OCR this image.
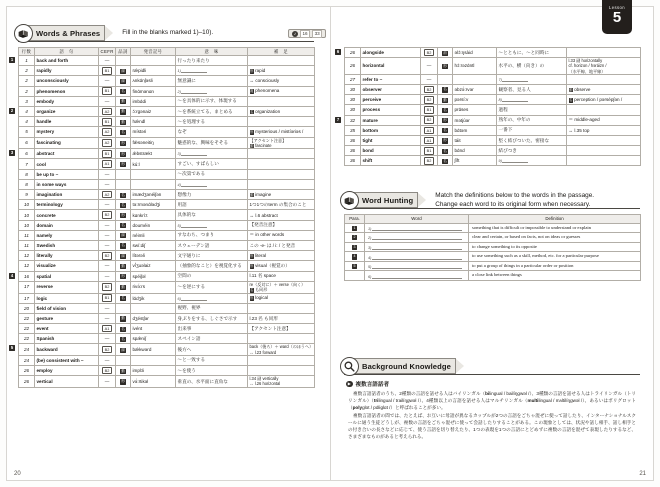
Lesson
5
Words & Phrases	Fill in the blanks marked 1)–10).	♪	16	33
行数	語　句	CEFR	品詞	発音記号	意　味	補　足
1	back and forth	—			行ったり来たり	
2	rapidly	B1	副	rǽpidli	1)	形 rapid
2	unconsciously	—	副	ʌnkɑ́nʃəsli	無意識に	↔ consciously
2	phenomenon	B1	名	finɑ́mənɑn	2)	複 phenomena
3	embody	—	動	imbɑ́di	～を具体的に示す、体現する	
4	organize	A2	動	ɔ́:rgənaiz	～を系統立てる、まとめる	名 organization
4	handle	B1	動	hǽndl	～を処理する	
5	mystery	A2	名	místəri	なぞ	形 mysterious / mistíəriəs /
6	fascinating	A2	形	fǽsəneitiŋ	魅惑的な、興味をそそる	【アクセント注意】
動 fascinate
6	abstract	B1	形	ǽbstrækt	3)	
7	cool	A1	形	kú:l	すごい、すばらしい	
8	be up to ~	—			～次第である	
8	in some ways	—			4)	
9	imagination	A2	名	imædʒənéiʃən	想像力	動 imagine
10	terminology	—	名	tə:rmənɑ́lədʒi	用語	1つ1つのterm の集合のこと
10	concrete	B2	形	kɑnkrí:t	具体的な	↔ l.6 abstract
10	domain	—	名	douméin	5)	【発音注意】
11	namely	—	副	néimli	すなわち、つまり	＝ in other words
11	Swedish	—	名	swí:diʃ	スウェーデン語	この -e- は / i: / と発音
12	literally	B2	副	lítərəli	文字通りに	形 literal
12	visualize	—	動	ví́ʒuəlaiz	（抽象的なこと）を視覚化する	形 visual（視覚の）
16	spatial	—	形	spéiʃəl	空間の	l.11 名 space
17	reverse	B2	動	rivə́:rs	～を逆にする	re（反対に）＋ verse（向く）
名 も同形
17	logic	B1	名	lɑ́dʒik	6)	形 logical
20	field of vision	—			視野、視界	
22	gesture	—	動	dʒéstʃər	身ぶりをする、しぐさで示す	l.23 名 も同形
22	event	A1	名	ivént	出来事	【アクセント注意】
22	Spanish	—	名	spǽniʃ	スペイン語	
24	backward	B2	副	bǽkwərd	後方へ	back（後ろ）＋ ward（のほうへ）
↔ l.23 forward
24	(be) consistent with ~	—			～と一致する	
26	employ	B2	動	implɔ́i	～を使う	
26	vertical	—	形	və́:rtikəl	垂直の、水平面に直角な	l.34 副 vertically
↔ l.26 horizontal
1
2
3
4
5
26	alongside	B2	前	əlɔ́:ŋsàid	～とともに、～と同時に	
26	horizontal	—	形	hɔ́:rəzɑ́ntl	水平の、横（向き）の	l.33 副 horizontally
cf. horizon / həráizn /
（水平線、地平線）
27	refer to ~	—			7)	
30	observer	B2	名	əbzə́:rvər	観察者、見る人	動 observe
30	perceive	B2	動	pərsí:v	8)	名 perception / pərsépʃən /
30	process	B1	名	prɑ́ses	過程	
32	mature	B2	形	mətjúər	熟年の、中年の	＝ middle-aged
35	bottom	A1	名	bɑ́təm	一番下	↔ l.35 top
36	tight	A1	形	táit	堅く結びついた、密接な	
36	bond	B1	名	bɑ́nd	結びつき	
36	shift	B2	名	ʃíft	9)	
6
7
Word Hunting	Match the definitions below to the words in the passage.
Change each word to its original form when necessary.
Para.	Word	Definition
1	1)	something that is difficult or impossible to understand or explain
2	2)	clear and certain, or based on facts, not on ideas or guesses
3	3)	to change something to its opposite
4	4)	to use something such as a skill, method, etc. for a particular purpose
5	5)	to put a group of things in a particular order or position
	6)	a close link between things
Background Knowledge
▶ 複数言語話者

複数言語話者のうち、2種類の言語を話せる人はバイリンガル（bilingual / bailíŋgwəl /）、3種類の言語を話せる人はトライリンガル（トリリンガル）（trilingual / trailíŋgwəl /）、4種類以上の言語を話せる人はマルチリンガル（multilingual / mʌltilíŋgwəl /）、あるいはポリグロット（polyglot / pɑ́liglɑt /）と呼ばれることが多い。

複数言語話者の間では、たとえば、お互いに母語が異なるカップルが2つの言語をごちゃ混ぜに使って話したり、インターナショナルスクールに通う生徒どうしが、複数の言語をごちゃ混ぜに使って会話したりすることがある。この現象としては、状況や話し相手、話し相手との付き合いの長さなどに応じて、使う言語を切り替えたり、1つの表現を1つの言語にとどめずに複数の言語を混ぜて表現したりするなど、さまざまなものがあると考えられる。

20	21
